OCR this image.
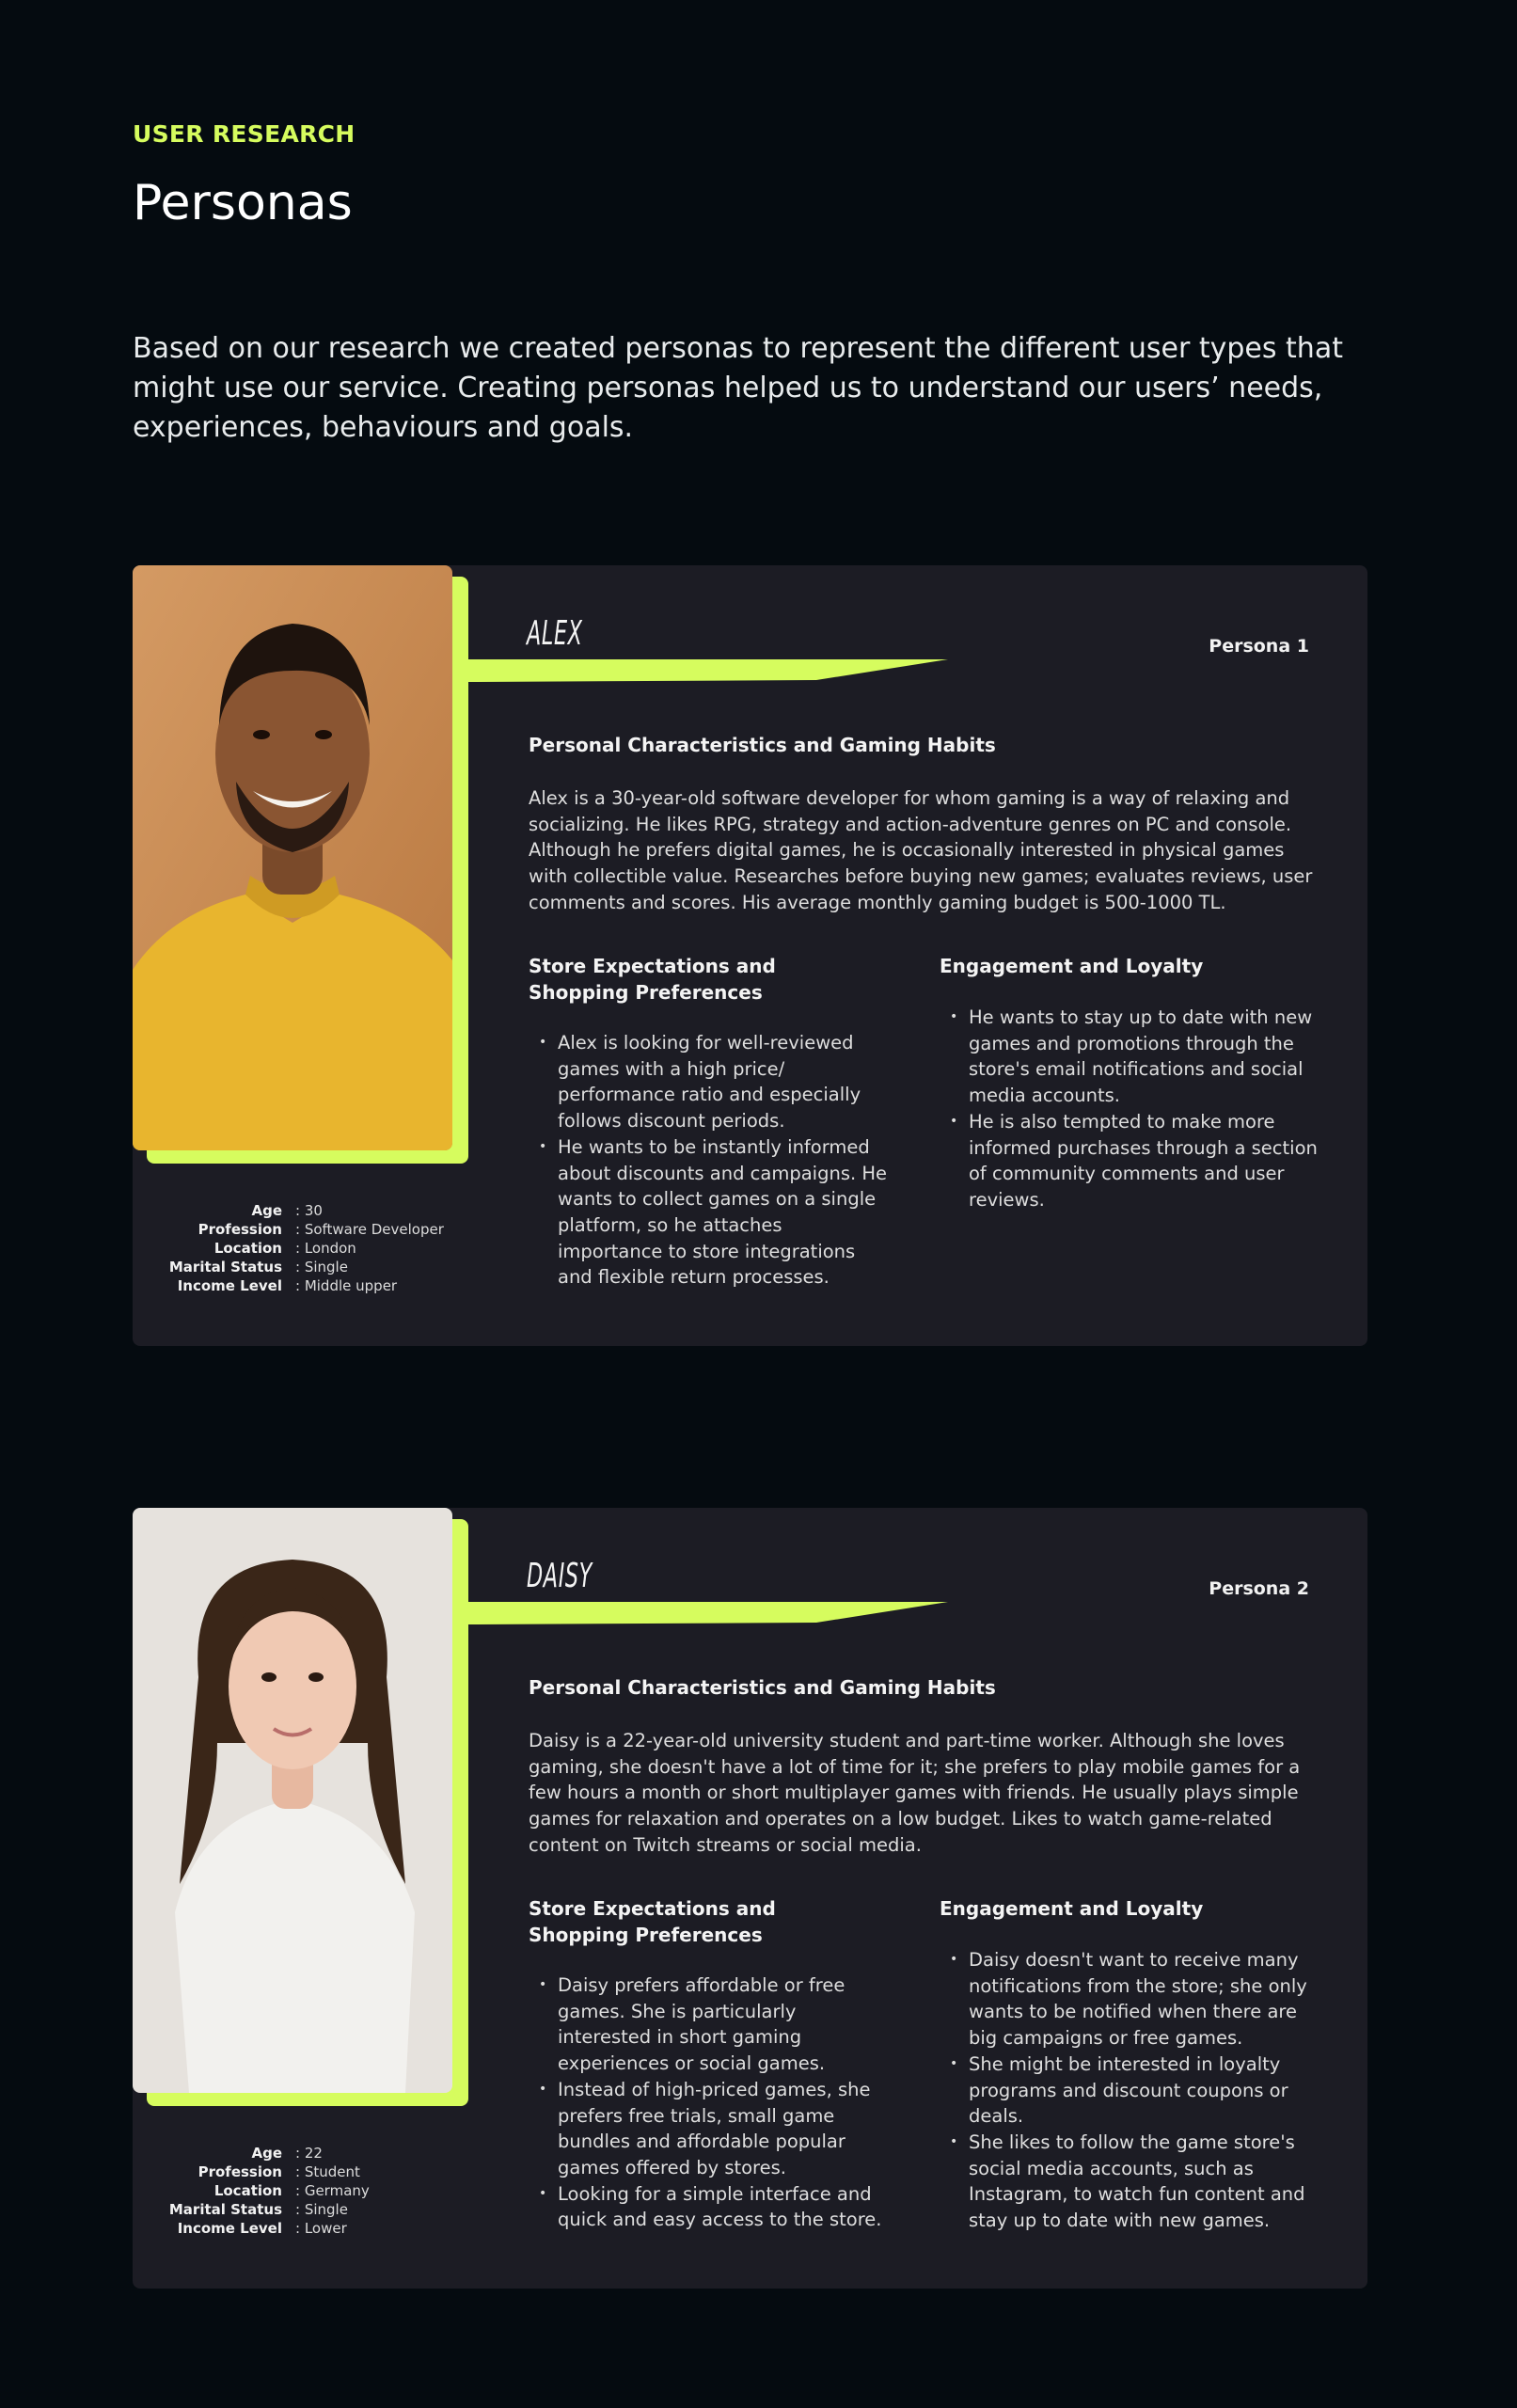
USER RESEARCH
Personas

Based on our research we created personas to represent the different user types that might use our service. Creating personas helped us to understand our users’ needs, experiences, behaviours and goals.

Age : 30
Profession : Software Developer
Location : London
Marital Status : Single
Income Level : Middle upper
ALEX	Persona 1
Personal Characteristics and Gaming Habits

Alex is a 30-year-old software developer for whom gaming is a way of relaxing and socializing. He likes RPG, strategy and action-adventure genres on PC and console. Although he prefers digital games, he is occasionally interested in physical games with collectible value. Researches before buying new games; evaluates reviews, user comments and scores. His average monthly gaming budget is 500-1000 TL.

Store Expectations and Shopping Preferences
• Alex is looking for well-reviewed games with a high price/ performance ratio and especially follows discount periods.
• He wants to be instantly informed about discounts and campaigns. He wants to collect games on a single platform, so he attaches importance to store integrations and flexible return processes.
Engagement and Loyalty
• He wants to stay up to date with new games and promotions through the store's email notifications and social media accounts.
• He is also tempted to make more informed purchases through a section of community comments and user reviews.
Age : 22
Profession : Student
Location : Germany
Marital Status : Single
Income Level : Lower
DAISY	Persona 2
Personal Characteristics and Gaming Habits

Daisy is a 22-year-old university student and part-time worker. Although she loves gaming, she doesn't have a lot of time for it; she prefers to play mobile games for a few hours a month or short multiplayer games with friends. He usually plays simple games for relaxation and operates on a low budget. Likes to watch game-related content on Twitch streams or social media.

Store Expectations and Shopping Preferences
• Daisy prefers affordable or free games. She is particularly interested in short gaming experiences or social games.
• Instead of high-priced games, she prefers free trials, small game bundles and affordable popular games offered by stores.
• Looking for a simple interface and quick and easy access to the store.
Engagement and Loyalty
• Daisy doesn't want to receive many notifications from the store; she only wants to be notified when there are big campaigns or free games.
• She might be interested in loyalty programs and discount coupons or deals.
• She likes to follow the game store's social media accounts, such as Instagram, to watch fun content and stay up to date with new games.
